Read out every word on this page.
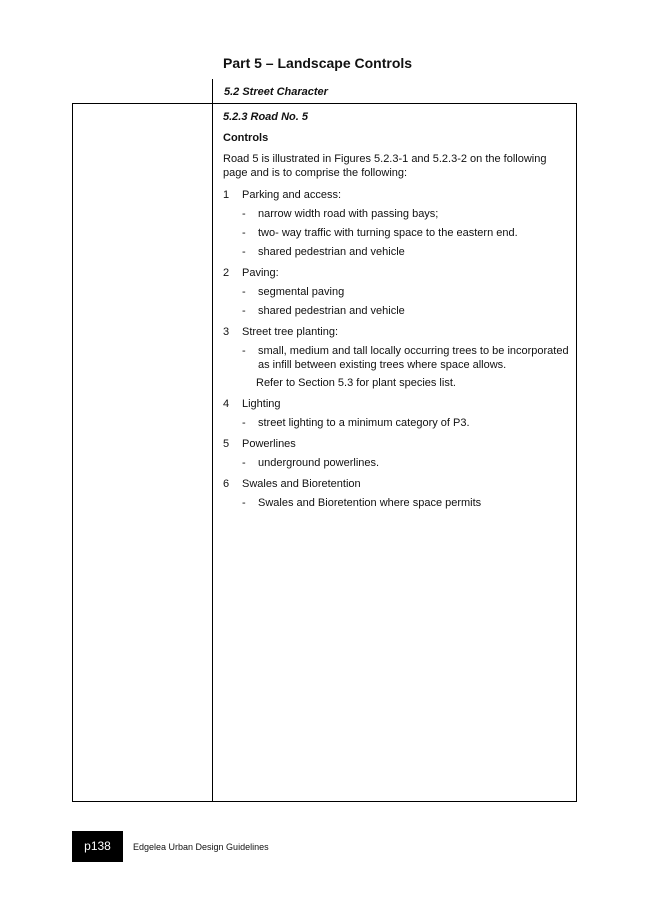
Part 5 – Landscape Controls
5.2 Street Character
5.2.3 Road No. 5
Controls
Road 5 is illustrated in Figures 5.2.3-1 and 5.2.3-2 on the following page and is to comprise the following:
1	Parking and access:
-	narrow width road with passing bays;
-	two- way traffic with turning space to the eastern end.
-	shared pedestrian and vehicle
2	Paving:
-	segmental paving
-	shared pedestrian and vehicle
3	Street tree planting:
-	small, medium and tall locally occurring trees to be incorporated as infill between existing trees where space allows.
Refer to Section 5.3 for plant species list.
4	Lighting
-	street lighting to a minimum category of P3.
5	Powerlines
-	underground powerlines.
6	Swales and Bioretention
-	Swales and Bioretention where space permits
p138	Edgelea Urban Design Guidelines
